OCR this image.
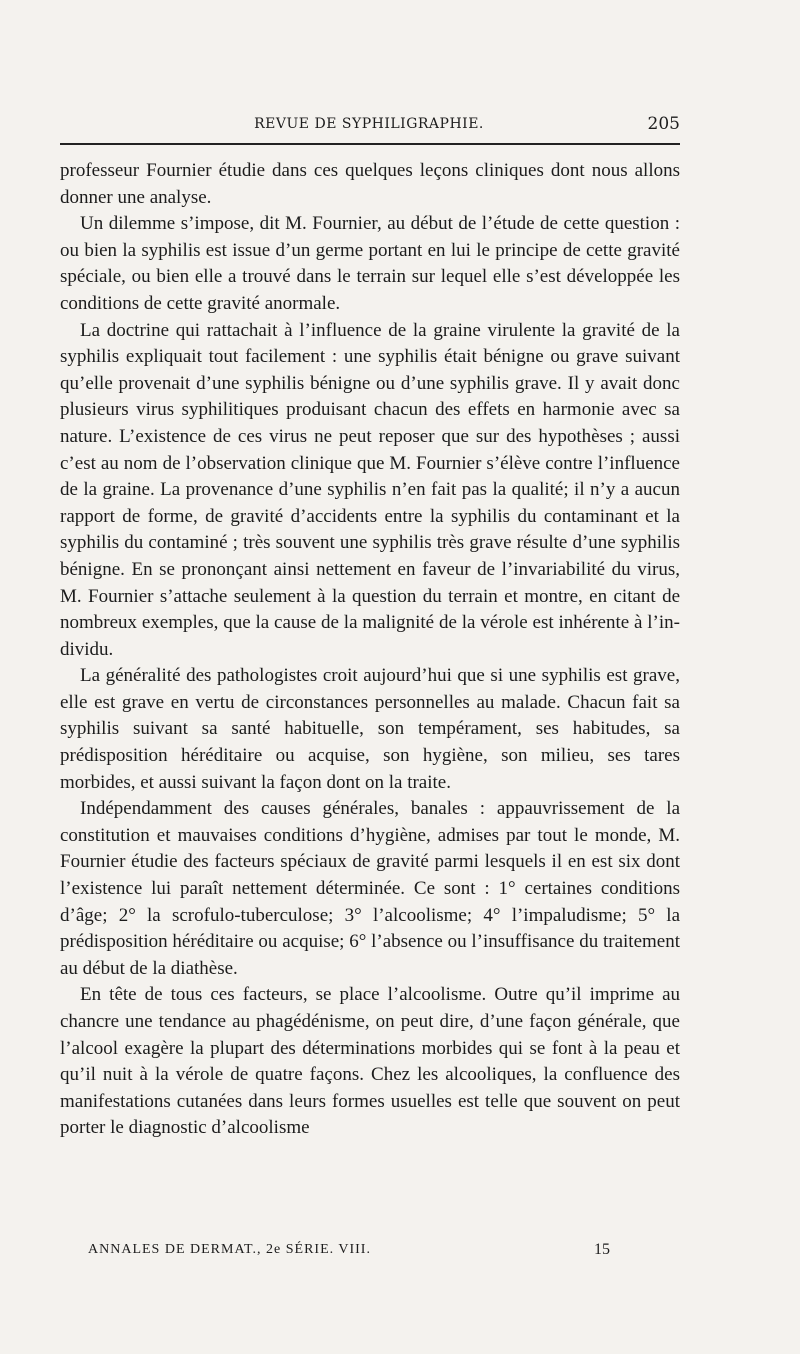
REVUE DE SYPHILIGRAPHIE.	205

professeur Fournier étudie dans ces quelques leçons cliniques dont nous allons donner une analyse.

Un dilemme s’impose, dit M. Fournier, au début de l’étude de cette question : ou bien la syphilis est issue d’un germe portant en lui le principe de cette gravité spéciale, ou bien elle a trouvé dans le terrain sur lequel elle s’est développée les conditions de cette gravité anormale.

La doctrine qui rattachait à l’influence de la graine virulente la gravité de la syphilis expliquait tout facilement : une syphilis était bénigne ou grave suivant qu’elle provenait d’une syphilis bénigne ou d’une syphilis grave. Il y avait donc plusieurs virus syphilitiques produisant chacun des effets en harmonie avec sa nature. L’existence de ces virus ne peut reposer que sur des hypothèses ; aussi c’est au nom de l’observation clinique que M. Fournier s’élève contre l’influence de la graine. La provenance d’une syphilis n’en fait pas la qualité; il n’y a aucun rapport de forme, de gravité d’accidents entre la syphilis du contaminant et la syphilis du contaminé ; très souvent une syphilis très grave résulte d’une syphilis bénigne. En se prononçant ainsi nettement en faveur de l’invariabilité du virus, M. Fournier s’attache seulement à la question du terrain et montre, en citant de nombreux exemples, que la cause de la malignité de la vérole est inhérente à l’individu.

La généralité des pathologistes croit aujourd’hui que si une syphilis est grave, elle est grave en vertu de circonstances personnelles au malade. Chacun fait sa syphilis suivant sa santé habituelle, son tempérament, ses habitudes, sa prédisposition héréditaire ou acquise, son hygiène, son milieu, ses tares morbides, et aussi suivant la façon dont on la traite.

Indépendamment des causes générales, banales : appauvrissement de la constitution et mauvaises conditions d’hygiène, admises par tout le monde, M. Fournier étudie des facteurs spéciaux de gravité parmi lesquels il en est six dont l’existence lui paraît nettement déterminée. Ce sont : 1° certaines conditions d’âge; 2° la scrofulo-tuberculose; 3° l’alcoolisme; 4° l’impaludisme; 5° la prédisposition héréditaire ou acquise; 6° l’absence ou l’insuffisance du traitement au début de la diathèse.

En tête de tous ces facteurs, se place l’alcoolisme. Outre qu’il imprime au chancre une tendance au phagédénisme, on peut dire, d’une façon générale, que l’alcool exagère la plupart des déterminations morbides qui se font à la peau et qu’il nuit à la vérole de quatre façons. Chez les alcooliques, la confluence des manifestations cutanées dans leurs formes usuelles est telle que souvent on peut porter le diagnostic d’alcoolisme

ANNALES DE DERMAT., 2e SÉRIE. VIII.	15
